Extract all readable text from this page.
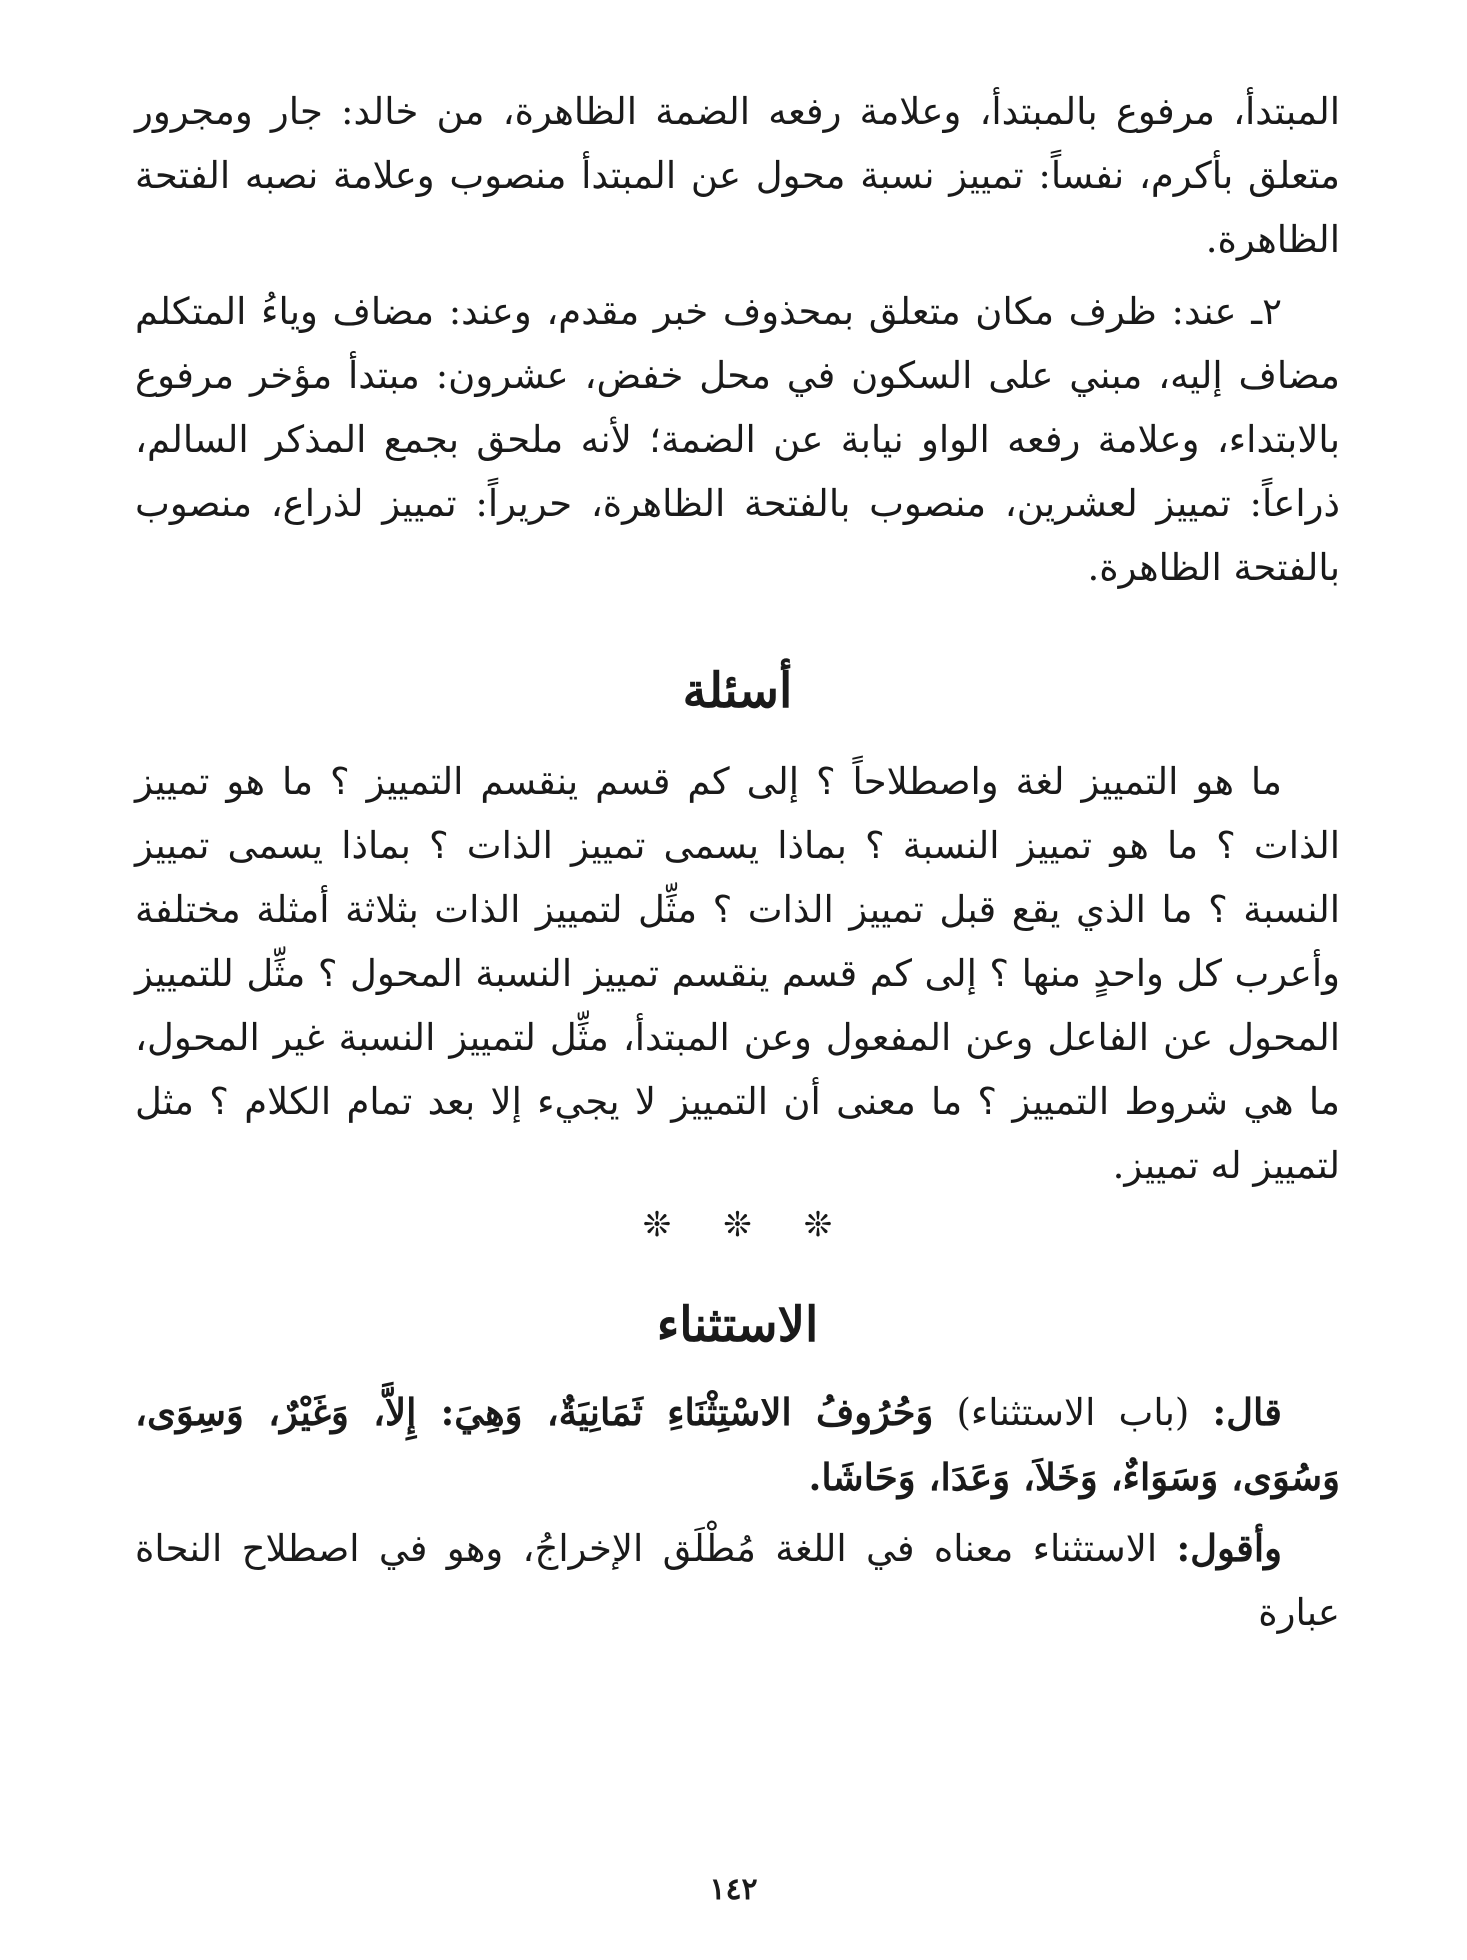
المبتدأ، مرفوع بالمبتدأ، وعلامة رفعه الضمة الظاهرة، من خالد: جار ومجرور متعلق بأكرم، نفساً: تمييز نسبة محول عن المبتدأ منصوب وعلامة نصبه الفتحة الظاهرة.

٢ـ عند: ظرف مكان متعلق بمحذوف خبر مقدم، وعند: مضاف وياءُ المتكلم مضاف إليه، مبني على السكون في محل خفض، عشرون: مبتدأ مؤخر مرفوع بالابتداء، وعلامة رفعه الواو نيابة عن الضمة؛ لأنه ملحق بجمع المذكر السالم، ذراعاً: تمييز لعشرين، منصوب بالفتحة الظاهرة، حريراً: تمييز لذراع، منصوب بالفتحة الظاهرة.

أسئلة

ما هو التمييز لغة واصطلاحاً ؟ إلى كم قسم ينقسم التمييز ؟ ما هو تمييز الذات ؟ ما هو تمييز النسبة ؟ بماذا يسمى تمييز الذات ؟ بماذا يسمى تمييز النسبة ؟ ما الذي يقع قبل تمييز الذات ؟ مثِّل لتمييز الذات بثلاثة أمثلة مختلفة وأعرب كل واحدٍ منها ؟ إلى كم قسم ينقسم تمييز النسبة المحول ؟ مثِّل للتمييز المحول عن الفاعل وعن المفعول وعن المبتدأ، مثِّل لتمييز النسبة غير المحول، ما هي شروط التمييز ؟ ما معنى أن التمييز لا يجيء إلا بعد تمام الكلام ؟ مثل لتمييز له تمييز.

❊❊❊

الاستثناء

قال: (باب الاستثناء) وَحُرُوفُ الاسْتِثْنَاءِ ثَمَانِيَةٌ، وَهِيَ: إِلاَّ، وَغَيْرٌ، وَسِوَى، وَسُوَى، وَسَوَاءٌ، وَخَلاَ، وَعَدَا، وَحَاشَا.

وأقول: الاستثناء معناه في اللغة مُطْلَق الإخراجُ، وهو في اصطلاح النحاة عبارة

١٤٢
